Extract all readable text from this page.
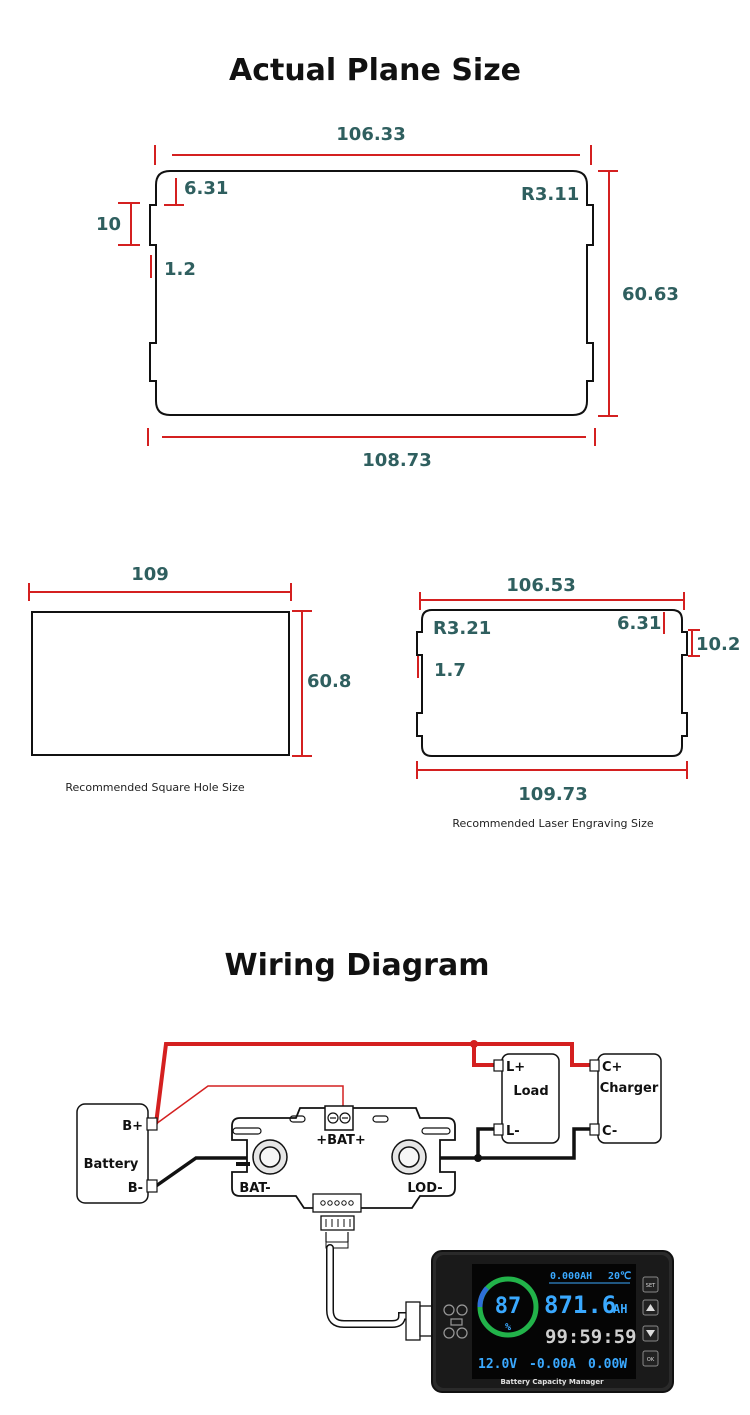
Actual Plane Size
106.33
6.31
10
1.2
R3.11
60.63
108.73
109
60.8
Recommended Square Hole Size
106.53
R3.21	6.31
10.2
1.7
109.73
Recommended Laser Engraving Size
Wiring Diagram
B+
Battery
B-
+BAT+
BAT-	LOD-
L+
Load
L-
C+
Charger
C-
SET
OK
0.000AH 20℃
87
%
871.6
AH
99:59:59
12.0V -0.00A 0.00W
Battery Capacity Manager
